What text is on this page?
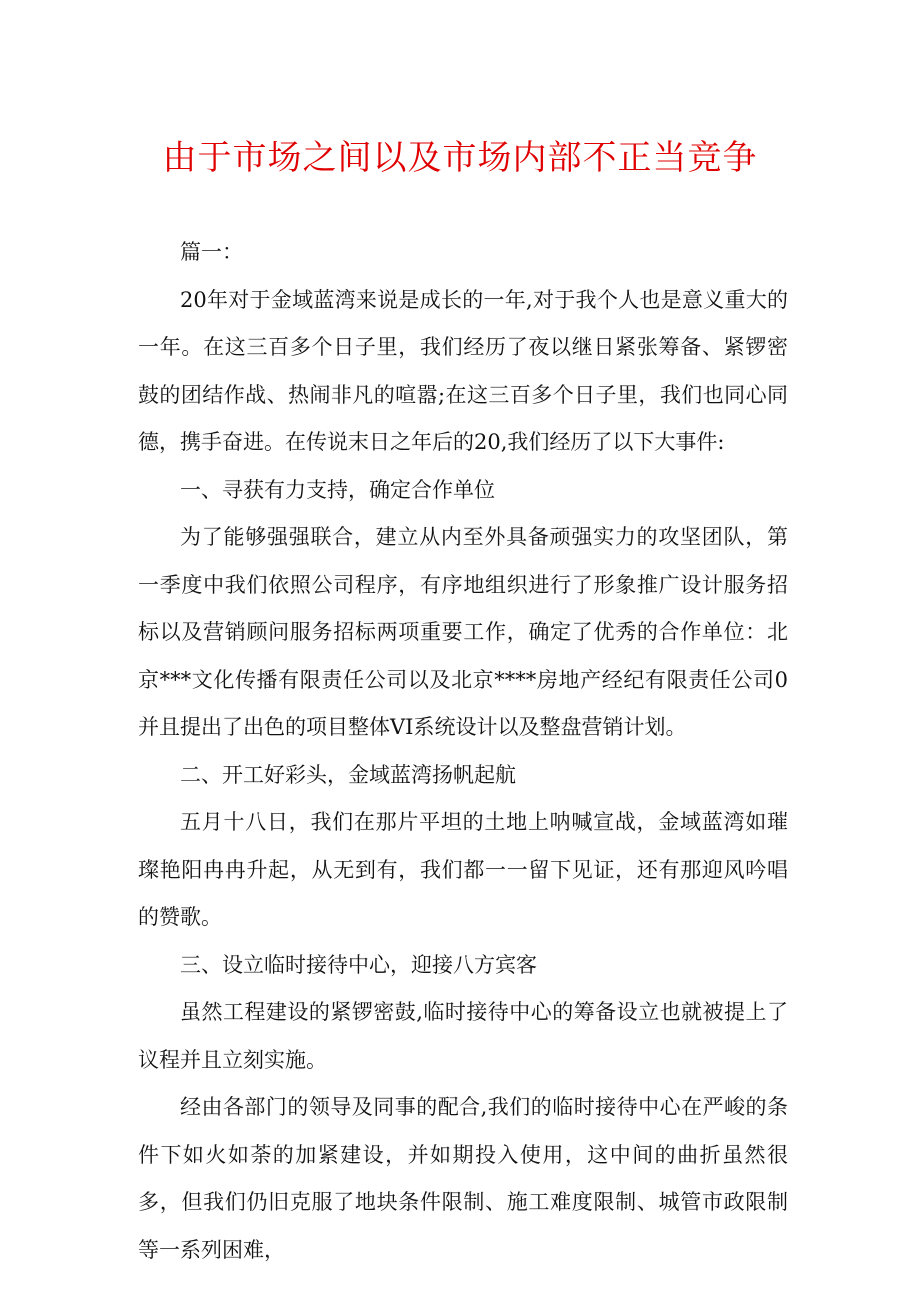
由于市场之间以及市场内部不正当竞争

篇一：

20年对于金域蓝湾来说是成长的一年,对于我个人也是意义重大的一年。在这三百多个日子里，我们经历了夜以继日紧张筹备、紧锣密鼓的团结作战、热闹非凡的喧嚣;在这三百多个日子里，我们也同心同德，携手奋进。在传说末日之年后的20,我们经历了以下大事件:

一、寻获有力支持，确定合作单位

为了能够强强联合，建立从内至外具备顽强实力的攻坚团队，第一季度中我们依照公司程序，有序地组织进行了形象推广设计服务招标以及营销顾问服务招标两项重要工作，确定了优秀的合作单位：北京***文化传播有限责任公司以及北京****房地产经纪有限责任公司0并且提出了出色的项目整体VI系统设计以及整盘营销计划。

二、开工好彩头，金域蓝湾扬帆起航

五月十八日，我们在那片平坦的土地上呐喊宣战，金域蓝湾如璀璨艳阳冉冉升起，从无到有，我们都一一留下见证，还有那迎风吟唱的赞歌。

三、设立临时接待中心，迎接八方宾客

虽然工程建设的紧锣密鼓,临时接待中心的筹备设立也就被提上了议程并且立刻实施。

经由各部门的领导及同事的配合,我们的临时接待中心在严峻的条件下如火如荼的加紧建设，并如期投入使用，这中间的曲折虽然很多，但我们仍旧克服了地块条件限制、施工难度限制、城管市政限制等一系列困难，
